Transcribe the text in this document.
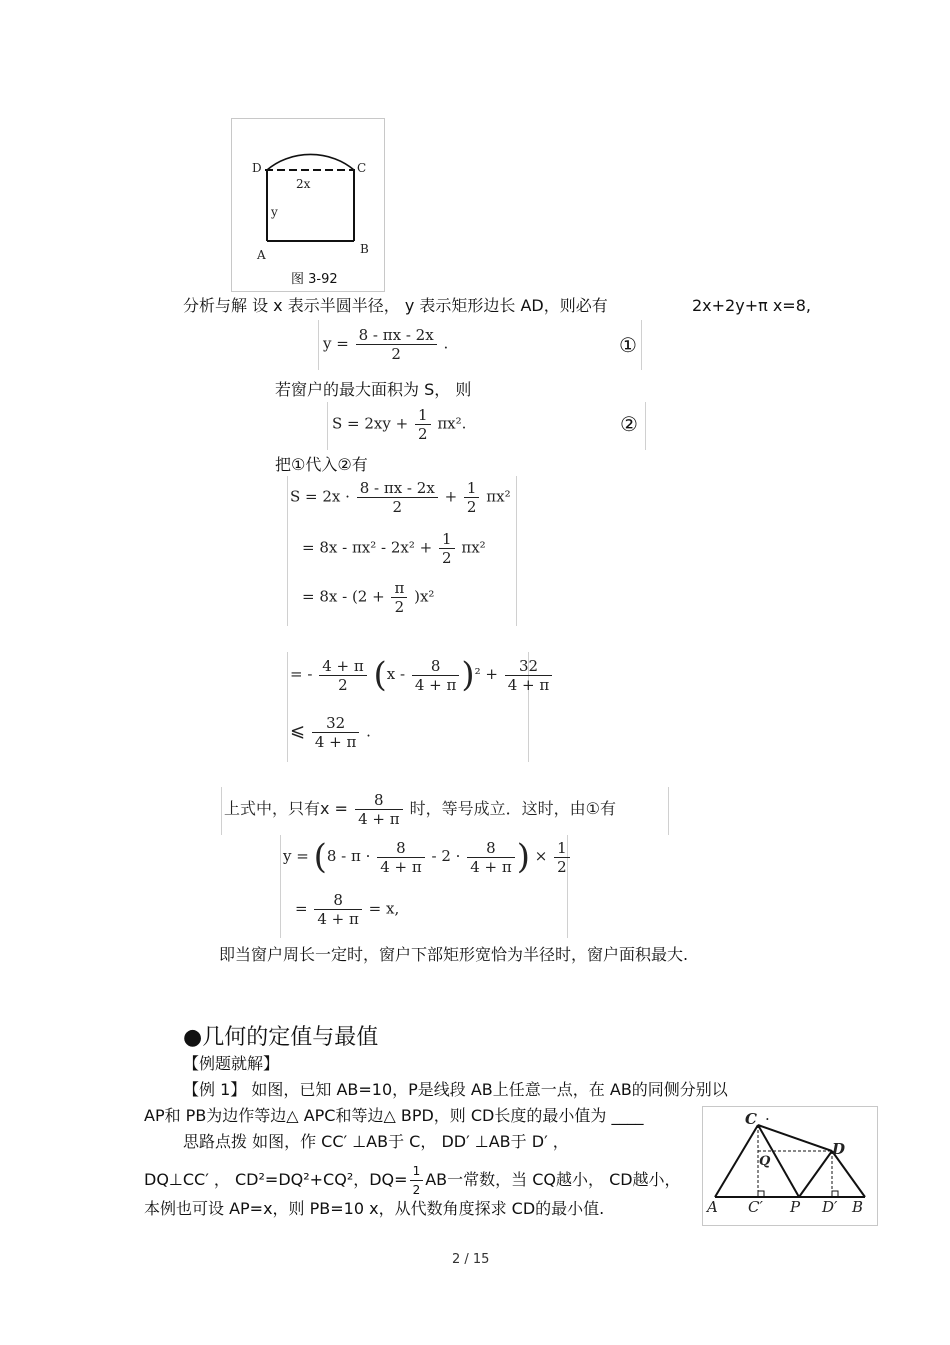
D	C
2x
y
A	B
图 3-92
分析与解 设 x 表示半圆半径， y 表示矩形边长 AD，则必有	2x+2y+π x=8,
$y = \frac{8 - \pi x - 2x}{2}$ .	①
若窗户的最大面积为 S， 则
$S = 2xy + \frac{1}{2} \pi x^2$.	②
把①代入②有
$S = 2x \cdot \frac{8 - \pi x - 2x}{2} + \frac{1}{2} \pi x^2$
= $8x - \pi x^2 - 2x^2 + \frac{1}{2} \pi x^2$
= $8x - (2 + \frac{\pi}{2} )x^2$
= - $\frac{4 + \pi}{2} (x - \frac{8}{4 + \pi} )^2 + \frac{32}{4 + \pi}$
⩽ $\frac{32}{4 + \pi}$ .
上式中，只有$x = \frac{8}{4 + \pi}$ 时，等号成立．这时，由①有
$y = (8 - \pi \cdot \frac{8}{4 + \pi} - 2 \cdot \frac{8}{4 + \pi}$ ) × $\frac{1}{2}$
= $\frac{8}{4 + \pi} = x$,
即当窗户周长一定时，窗户下部矩形宽恰为半径时，窗户面积最大.
●几何的定值与最值
【例题就解】
【例 1】 如图，已知 AB=10，P是线段 AB上任意一点，在 AB的同侧分别以
AP和 PB为边作等边△ APC和等边△ BPD，则 CD长度的最小值为 ____
思路点拨 如图，作 CC′ ⊥AB于 C， DD′ ⊥AB于 D′ ，
DQ⊥CC′ ， CD²=DQ²+CQ²，$DQ= \frac{1}{2}$ AB一常数，当 CQ越小， CD越小，
本例也可设 AP=x，则 PB=10 x，从代数角度探求 CD的最小值.
C ·
D
Q
A C′ P D′ B
2 / 15
